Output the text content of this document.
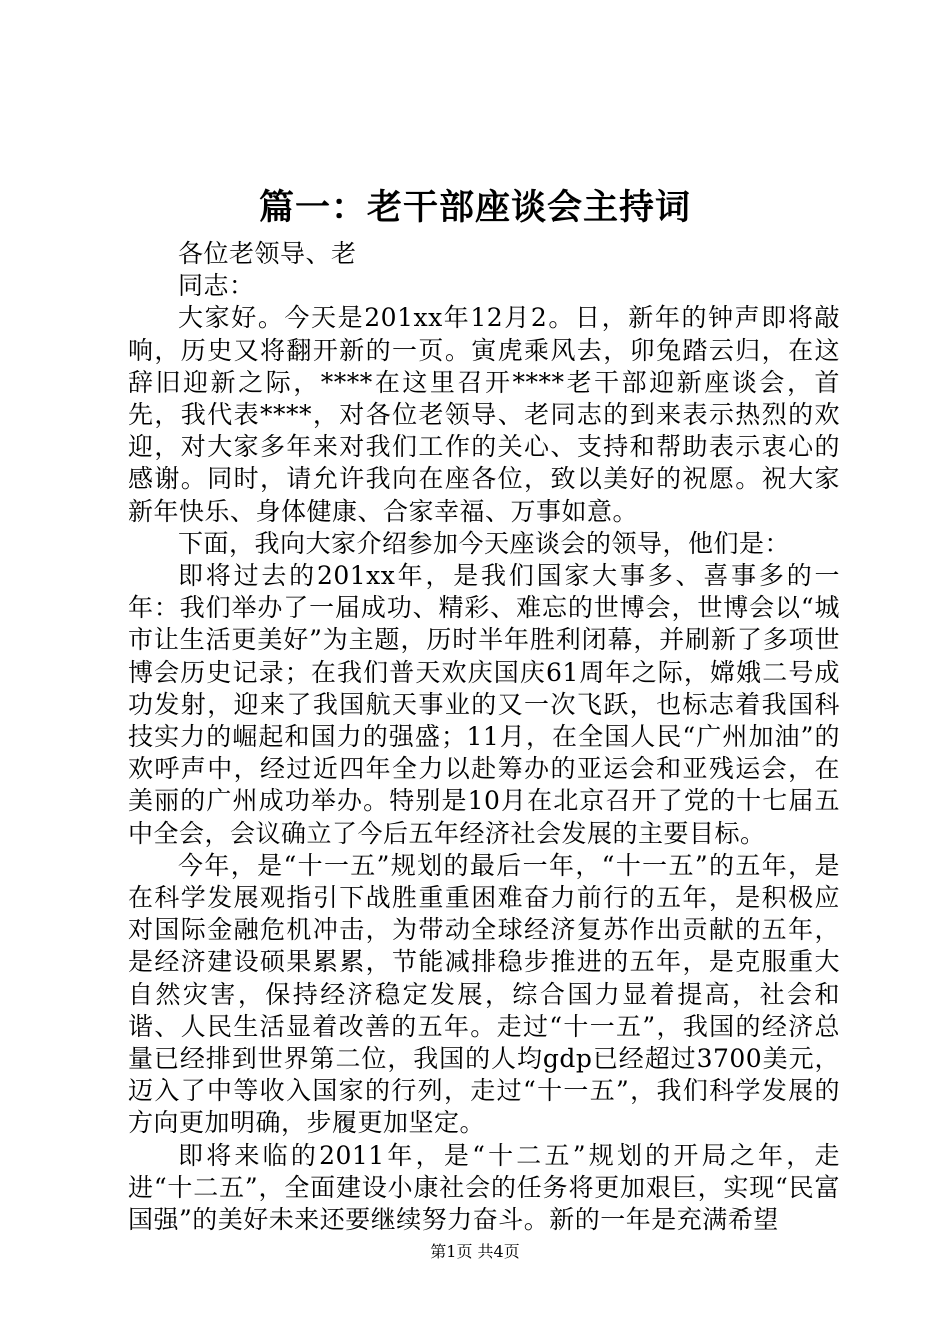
篇一：老干部座谈会主持词

各位老领导、老

同志：

大家好。今天是201xx年12月2。日，新年的钟声即将敲响，历史又将翻开新的一页。寅虎乘风去，卯兔踏云归，在这辞旧迎新之际，****在这里召开****老干部迎新座谈会，首先，我代表****，对各位老领导、老同志的到来表示热烈的欢迎，对大家多年来对我们工作的关心、支持和帮助表示衷心的感谢。同时，请允许我向在座各位，致以美好的祝愿。祝大家新年快乐、身体健康、合家幸福、万事如意。

下面，我向大家介绍参加今天座谈会的领导，他们是：

即将过去的201xx年，是我们国家大事多、喜事多的一年：我们举办了一届成功、精彩、难忘的世博会，世博会以“城市让生活更美好”为主题，历时半年胜利闭幕，并刷新了多项世博会历史记录；在我们普天欢庆国庆61周年之际，嫦娥二号成功发射，迎来了我国航天事业的又一次飞跃，也标志着我国科技实力的崛起和国力的强盛；11月，在全国人民“广州加油”的欢呼声中，经过近四年全力以赴筹办的亚运会和亚残运会，在美丽的广州成功举办。特别是10月在北京召开了党的十七届五中全会，会议确立了今后五年经济社会发展的主要目标。

今年，是“十一五”规划的最后一年，“十一五”的五年，是在科学发展观指引下战胜重重困难奋力前行的五年，是积极应对国际金融危机冲击，为带动全球经济复苏作出贡献的五年，是经济建设硕果累累，节能减排稳步推进的五年，是克服重大自然灾害，保持经济稳定发展，综合国力显着提高，社会和谐、人民生活显着改善的五年。走过“十一五”，我国的经济总量已经排到世界第二位，我国的人均gdp已经超过3700美元，迈入了中等收入国家的行列，走过“十一五”，我们科学发展的方向更加明确，步履更加坚定。

即将来临的2011年，是“十二五”规划的开局之年，走进“十二五”，全面建设小康社会的任务将更加艰巨，实现“民富国强”的美好未来还要继续努力奋斗。新的一年是充满希望

第1页 共4页
